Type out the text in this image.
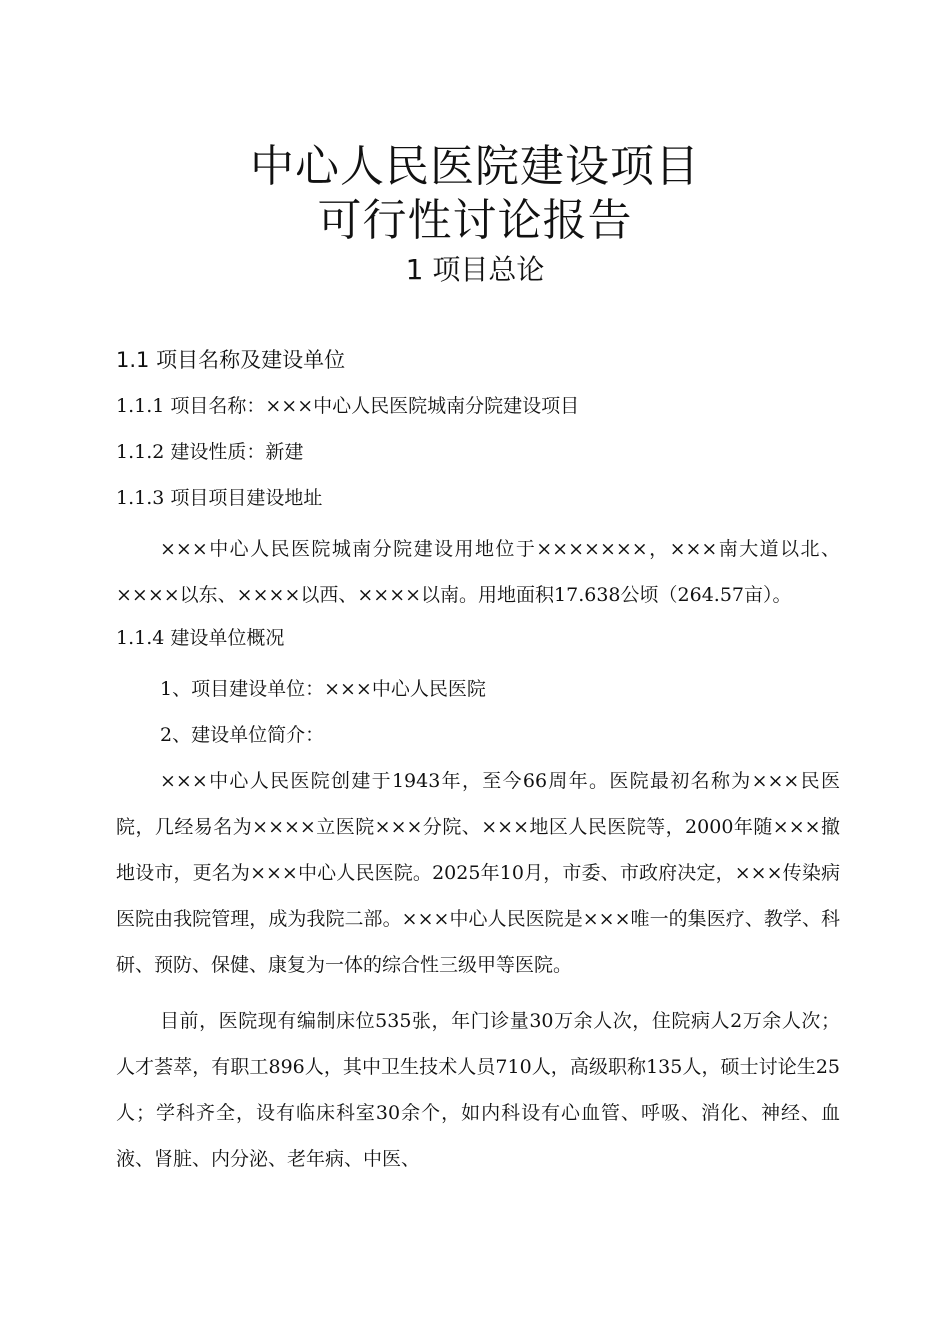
中心人民医院建设项目
可行性讨论报告
1 项目总论
1.1 项目名称及建设单位
1.1.1 项目名称：×××中心人民医院城南分院建设项目
1.1.2 建设性质：新建
1.1.3 项目项目建设地址

×××中心人民医院城南分院建设用地位于×××××××，×××南大道以北、××××以东、××××以西、××××以南。用地面积17.638公顷（264.57亩）。

1.1.4 建设单位概况

1、项目建设单位：×××中心人民医院

2、建设单位简介：

×××中心人民医院创建于1943年，至今66周年。医院最初名称为×××民医院，几经易名为××××立医院×××分院、×××地区人民医院等，2000年随×××撤地设市，更名为×××中心人民医院。2025年10月，市委、市政府决定，×××传染病医院由我院管理，成为我院二部。×××中心人民医院是×××唯一的集医疗、教学、科研、预防、保健、康复为一体的综合性三级甲等医院。

目前，医院现有编制床位535张，年门诊量30万余人次，住院病人2万余人次；人才荟萃，有职工896人，其中卫生技术人员710人，高级职称135人，硕士讨论生25人；学科齐全，设有临床科室30余个，如内科设有心血管、呼吸、消化、神经、血液、肾脏、内分泌、老年病、中医、
